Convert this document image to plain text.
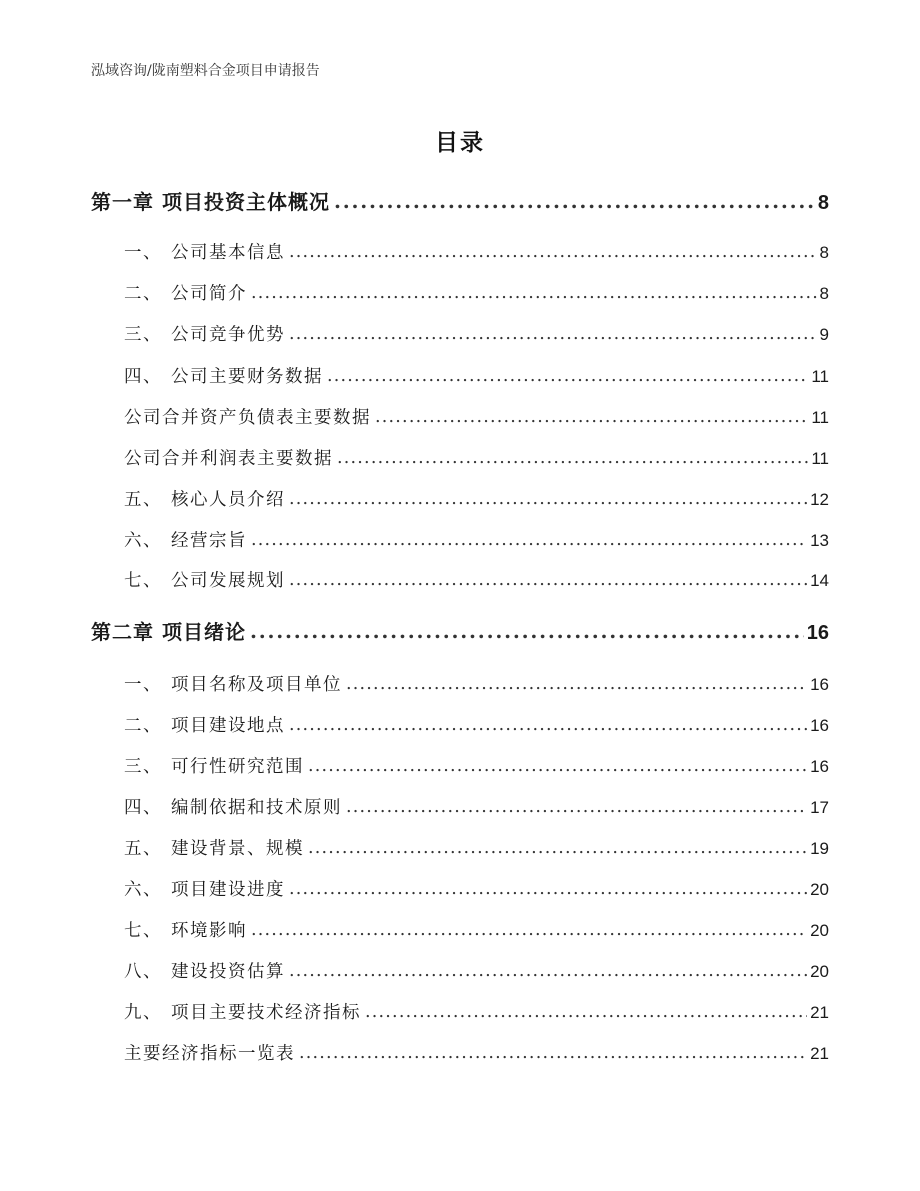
泓域咨询/陇南塑料合金项目申请报告
目录
第一章 项目投资主体概况 .....	8
一、 公司基本信息 .....	8
二、 公司简介 .....	8
三、 公司竞争优势 .....	9
四、 公司主要财务数据 .....	11
公司合并资产负债表主要数据 .....	11
公司合并利润表主要数据 .....	11
五、 核心人员介绍 .....	12
六、 经营宗旨 .....	13
七、 公司发展规划 .....	14
第二章 项目绪论 .....	16
一、 项目名称及项目单位 .....	16
二、 项目建设地点 .....	16
三、 可行性研究范围 .....	16
四、 编制依据和技术原则 .....	17
五、 建设背景、规模 .....	19
六、 项目建设进度 .....	20
七、 环境影响 .....	20
八、 建设投资估算 .....	20
九、 项目主要技术经济指标 .....	21
主要经济指标一览表 .....	21
